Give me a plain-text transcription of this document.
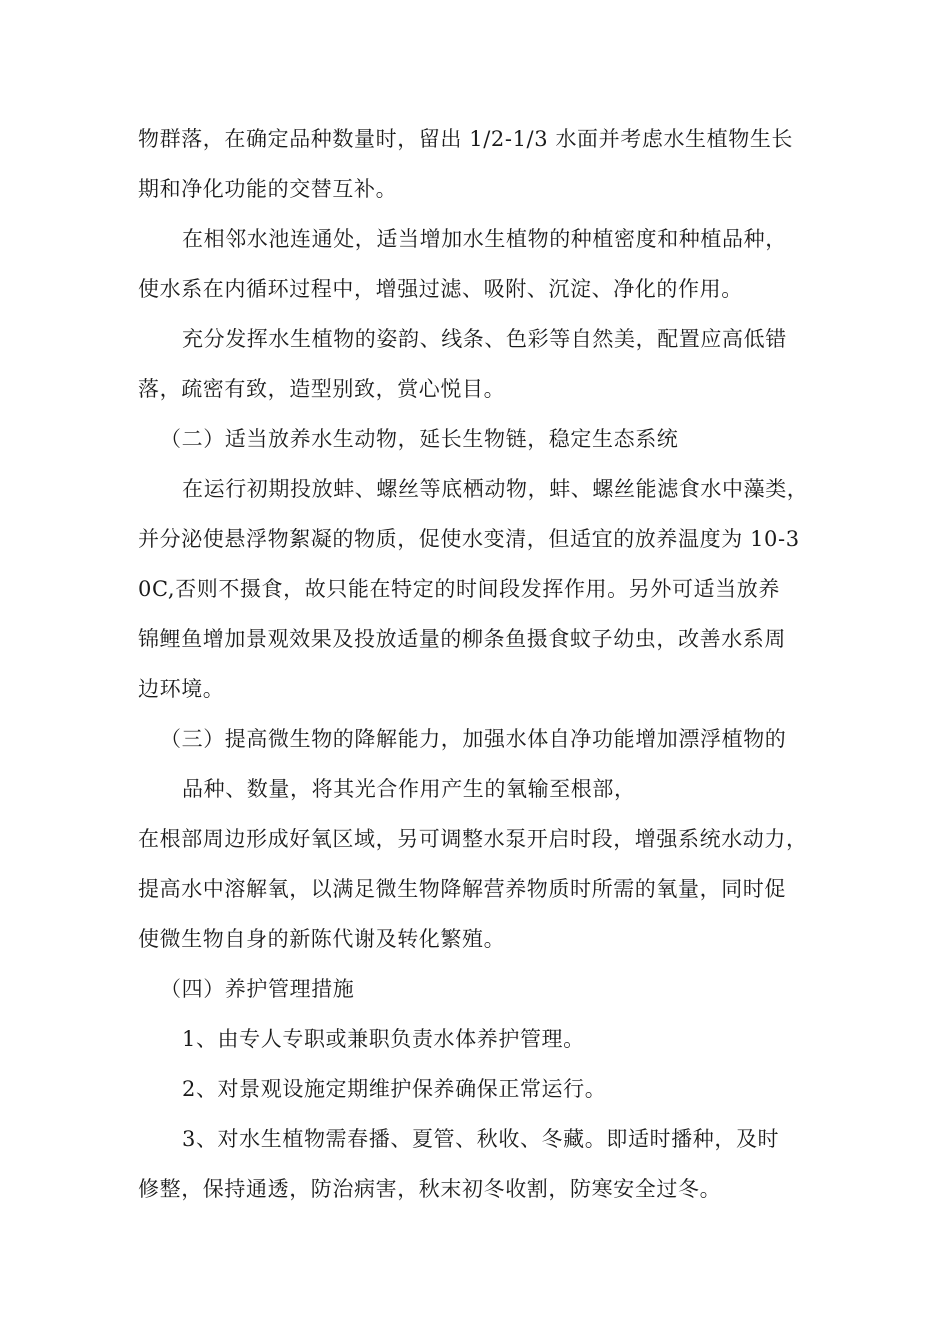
物群落，在确定品种数量时，留出 1/2-1/3 水面并考虑水生植物生长
期和净化功能的交替互补。
在相邻水池连通处，适当增加水生植物的种植密度和种植品种，
使水系在内循环过程中，增强过滤、吸附、沉淀、净化的作用。
充分发挥水生植物的姿韵、线条、色彩等自然美，配置应高低错
落，疏密有致，造型别致，赏心悦目。
（二）适当放养水生动物，延长生物链，稳定生态系统
在运行初期投放蚌、螺丝等底栖动物，蚌、螺丝能滤食水中藻类，
并分泌使悬浮物絮凝的物质，促使水变清，但适宜的放养温度为 10-3
0C,否则不摄食，故只能在特定的时间段发挥作用。另外可适当放养
锦鲤鱼增加景观效果及投放适量的柳条鱼摄食蚊子幼虫，改善水系周
边环境。
（三）提高微生物的降解能力，加强水体自净功能增加漂浮植物的
品种、数量，将其光合作用产生的氧输至根部，
在根部周边形成好氧区域，另可调整水泵开启时段，增强系统水动力，
提高水中溶解氧，以满足微生物降解营养物质时所需的氧量，同时促
使微生物自身的新陈代谢及转化繁殖。
（四）养护管理措施
1、由专人专职或兼职负责水体养护管理。
2、对景观设施定期维护保养确保正常运行。
3、对水生植物需春播、夏管、秋收、冬藏。即适时播种，及时
修整，保持通透，防治病害，秋末初冬收割，防寒安全过冬。
